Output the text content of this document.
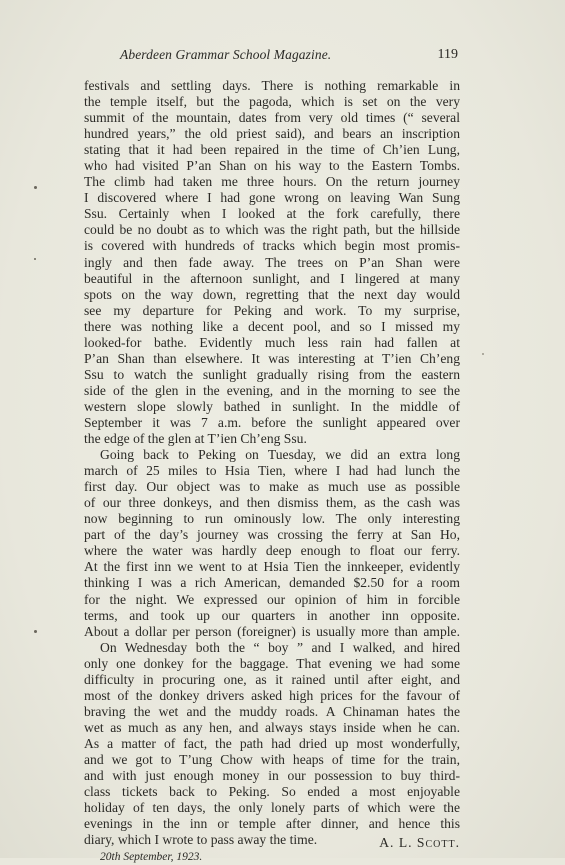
Aberdeen Grammar School Magazine.	119
festivals and settling days. There is nothing remarkable in
the temple itself, but the pagoda, which is set on the very
summit of the mountain, dates from very old times (“ several
hundred years,” the old priest said), and bears an inscription
stating that it had been repaired in the time of Ch’ien Lung,
who had visited P’an Shan on his way to the Eastern Tombs.
The climb had taken me three hours. On the return journey
I discovered where I had gone wrong on leaving Wan Sung
Ssu. Certainly when I looked at the fork carefully, there
could be no doubt as to which was the right path, but the hillside
is covered with hundreds of tracks which begin most promis-
ingly and then fade away. The trees on P’an Shan were
beautiful in the afternoon sunlight, and I lingered at many
spots on the way down, regretting that the next day would
see my departure for Peking and work. To my surprise,
there was nothing like a decent pool, and so I missed my
looked-for bathe. Evidently much less rain had fallen at
P’an Shan than elsewhere. It was interesting at T’ien Ch’eng
Ssu to watch the sunlight gradually rising from the eastern
side of the glen in the evening, and in the morning to see the
western slope slowly bathed in sunlight. In the middle of
September it was 7 a.m. before the sunlight appeared over
the edge of the glen at T’ien Ch’eng Ssu.
Going back to Peking on Tuesday, we did an extra long
march of 25 miles to Hsia Tien, where I had had lunch the
first day. Our object was to make as much use as possible
of our three donkeys, and then dismiss them, as the cash was
now beginning to run ominously low. The only interesting
part of the day’s journey was crossing the ferry at San Ho,
where the water was hardly deep enough to float our ferry.
At the first inn we went to at Hsia Tien the innkeeper, evidently
thinking I was a rich American, demanded $2.50 for a room
for the night. We expressed our opinion of him in forcible
terms, and took up our quarters in another inn opposite.
About a dollar per person (foreigner) is usually more than ample.
On Wednesday both the “ boy ” and I walked, and hired
only one donkey for the baggage. That evening we had some
difficulty in procuring one, as it rained until after eight, and
most of the donkey drivers asked high prices for the favour of
braving the wet and the muddy roads. A Chinaman hates the
wet as much as any hen, and always stays inside when he can.
As a matter of fact, the path had dried up most wonderfully,
and we got to T’ung Chow with heaps of time for the train,
and with just enough money in our possession to buy third-
class tickets back to Peking. So ended a most enjoyable
holiday of ten days, the only lonely parts of which were the
evenings in the inn or temple after dinner, and hence this
diary, which I wrote to pass away the time.	A. L. Scott.
20th September, 1923.
